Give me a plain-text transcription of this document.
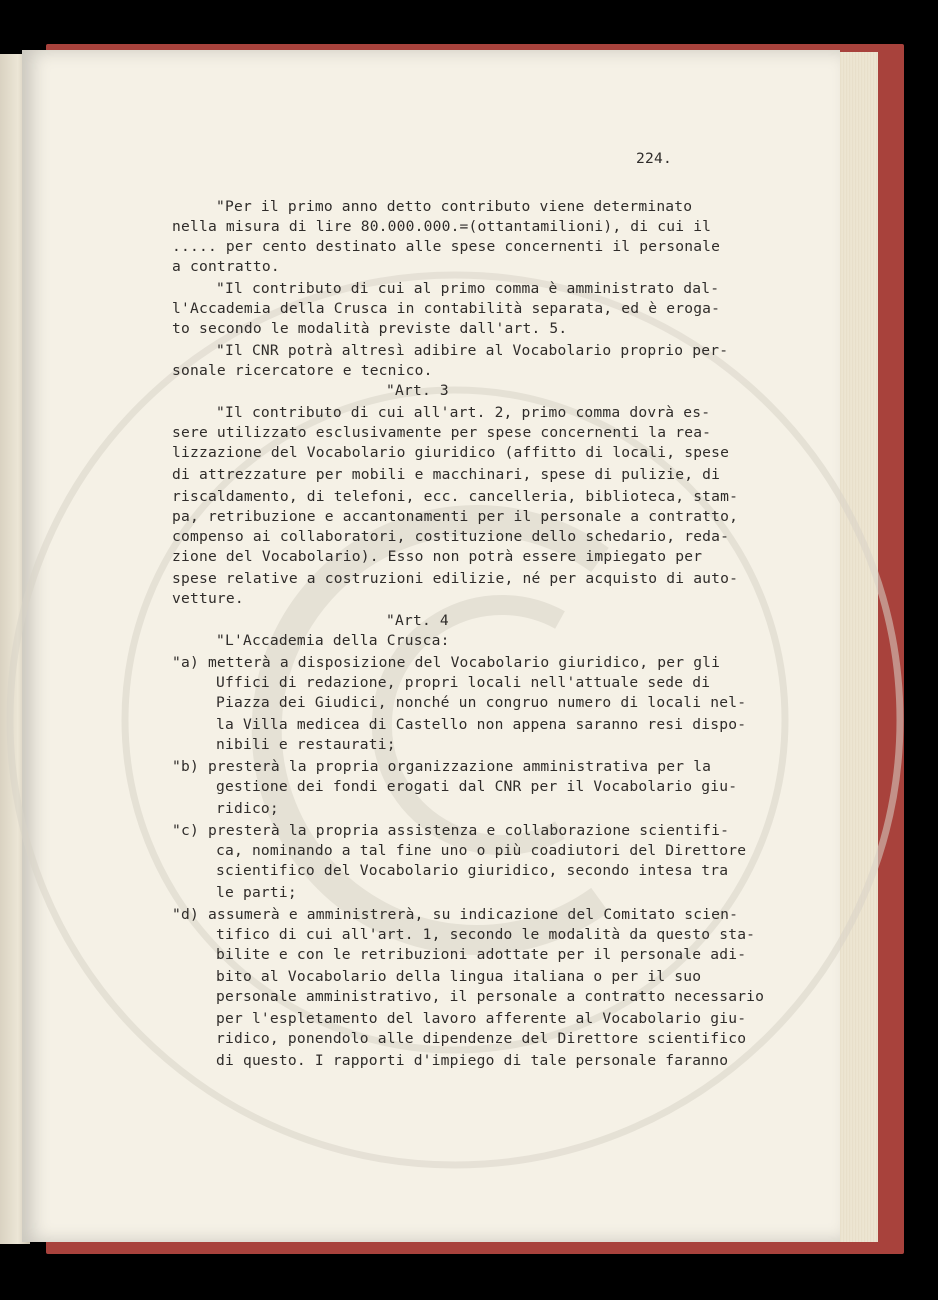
224.
"Per il primo anno detto contributo viene determinato
nella misura di lire 80.000.000.=(ottantamilioni), di cui il
..... per cento destinato alle spese concernenti il personale
a contratto.
"Il contributo di cui al primo comma è amministrato dal-
l'Accademia della Crusca in contabilità separata, ed è eroga-
to secondo le modalità previste dall'art. 5.
"Il CNR potrà altresì adibire al Vocabolario proprio per-
sonale ricercatore e tecnico.
"Art. 3
"Il contributo di cui all'art. 2, primo comma dovrà es-
sere utilizzato esclusivamente per spese concernenti la rea-
lizzazione del Vocabolario giuridico (affitto di locali, spese
di attrezzature per mobili e macchinari, spese di pulizie, di
riscaldamento, di telefoni, ecc. cancelleria, biblioteca, stam-
pa, retribuzione e accantonamenti per il personale a contratto,
compenso ai collaboratori, costituzione dello schedario, reda-
zione del Vocabolario). Esso non potrà essere impiegato per
spese relative a costruzioni edilizie, né per acquisto di auto-
vetture.
"Art. 4
"L'Accademia della Crusca:
"a) metterà a disposizione del Vocabolario giuridico, per gli
Uffici di redazione, propri locali nell'attuale sede di
Piazza dei Giudici, nonché un congruo numero di locali nel-
la Villa medicea di Castello non appena saranno resi dispo-
nibili e restaurati;
"b) presterà la propria organizzazione amministrativa per la
gestione dei fondi erogati dal CNR per il Vocabolario giu-
ridico;
"c) presterà la propria assistenza e collaborazione scientifi-
ca, nominando a tal fine uno o più coadiutori del Direttore
scientifico del Vocabolario giuridico, secondo intesa tra
le parti;
"d) assumerà e amministrerà, su indicazione del Comitato scien-
tifico di cui all'art. 1, secondo le modalità da questo sta-
bilite e con le retribuzioni adottate per il personale adi-
bito al Vocabolario della lingua italiana o per il suo
personale amministrativo, il personale a contratto necessario
per l'espletamento del lavoro afferente al Vocabolario giu-
ridico, ponendolo alle dipendenze del Direttore scientifico
di questo. I rapporti d'impiego di tale personale faranno
